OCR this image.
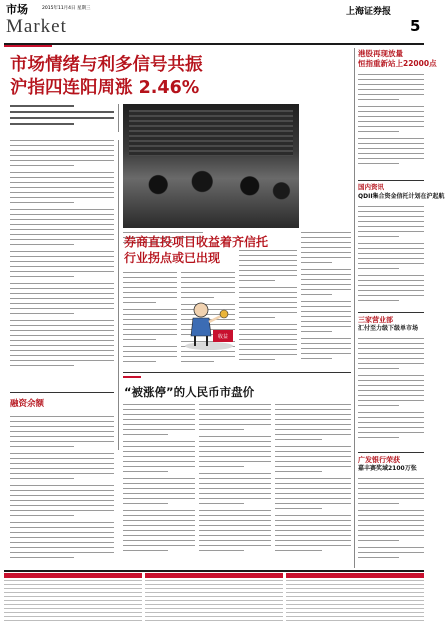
市场
Market
2015年11月4日 星期三	上海证券报
5
市场情绪与利多信号共振
沪指四连阳周涨 2.46%
融资余额
券商直投项目收益着齐信托
行业拐点或已出现
收益
“被涨停”的人民币市盘价
港股再现放量
恒指重新站上22000点
国内资讯
QDII集合资金信托计划在沪起航
三家营业部
汇付至力级下级单市场
广发银行荣获
嘉丰赛奖域2100万张
